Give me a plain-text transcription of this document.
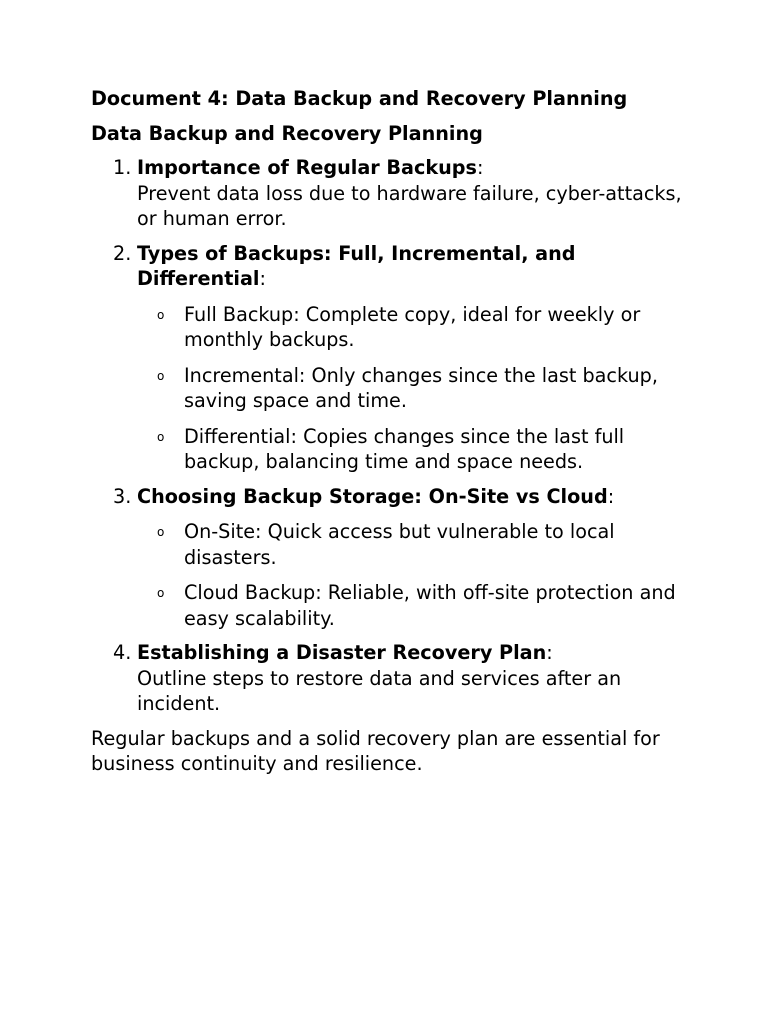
Document 4: Data Backup and Recovery Planning

Data Backup and Recovery Planning

1. Importance of Regular Backups:
Prevent data loss due to hardware failure, cyber-attacks, or human error.
2. Types of Backups: Full, Incremental, and Differential:
o Full Backup: Complete copy, ideal for weekly or monthly backups.
o Incremental: Only changes since the last backup, saving space and time.
o Differential: Copies changes since the last full backup, balancing time and space needs.
3. Choosing Backup Storage: On-Site vs Cloud:
o On-Site: Quick access but vulnerable to local disasters.
o Cloud Backup: Reliable, with off-site protection and easy scalability.
4. Establishing a Disaster Recovery Plan:
Outline steps to restore data and services after an incident.

Regular backups and a solid recovery plan are essential for business continuity and resilience.
